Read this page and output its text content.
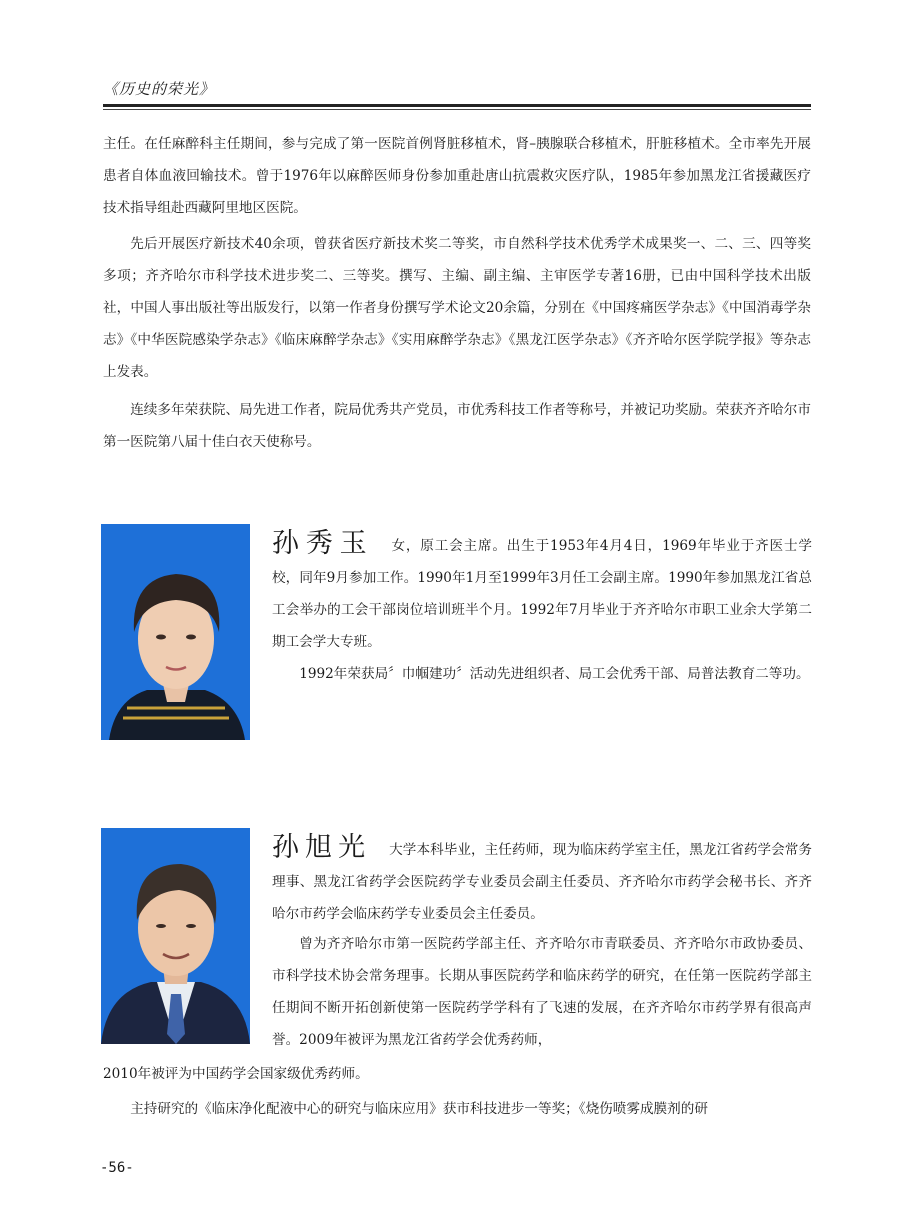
《历史的荣光》
主任。在任麻醉科主任期间，参与完成了第一医院首例肾脏移植术，肾–胰腺联合移植术，肝脏移植术。全市率先开展患者自体血液回输技术。曾于1976年以麻醉医师身份参加重赴唐山抗震救灾医疗队，1985年参加黑龙江省援藏医疗技术指导组赴西藏阿里地区医院。
先后开展医疗新技术40余项，曾获省医疗新技术奖二等奖，市自然科学技术优秀学术成果奖一、二、三、四等奖多项；齐齐哈尔市科学技术进步奖二、三等奖。撰写、主编、副主编、主审医学专著16册，已由中国科学技术出版社，中国人事出版社等出版发行，以第一作者身份撰写学术论文20余篇，分别在《中国疼痛医学杂志》《中国消毒学杂志》《中华医院感染学杂志》《临床麻醉学杂志》《实用麻醉学杂志》《黑龙江医学杂志》《齐齐哈尔医学院学报》等杂志上发表。
连续多年荣获院、局先进工作者，院局优秀共产党员，市优秀科技工作者等称号，并被记功奖励。荣获齐齐哈尔市第一医院第八届十佳白衣天使称号。
孙秀玉 女，原工会主席。出生于1953年4月4日，1969年毕业于齐医士学校，同年9月参加工作。1990年1月至1999年3月任工会副主席。1990年参加黑龙江省总工会举办的工会干部岗位培训班半个月。1992年7月毕业于齐齐哈尔市职工业余大学第二期工会学大专班。
1992年荣获局〞巾帼建功〞活动先进组织者、局工会优秀干部、局普法教育二等功。
孙旭光 大学本科毕业，主任药师，现为临床药学室主任，黑龙江省药学会常务理事、黑龙江省药学会医院药学专业委员会副主任委员、齐齐哈尔市药学会秘书长、齐齐哈尔市药学会临床药学专业委员会主任委员。
曾为齐齐哈尔市第一医院药学部主任、齐齐哈尔市青联委员、齐齐哈尔市政协委员、市科学技术协会常务理事。长期从事医院药学和临床药学的研究，在任第一医院药学部主任期间不断开拓创新使第一医院药学学科有了飞速的发展，在齐齐哈尔市药学界有很高声誉。2009年被评为黑龙江省药学会优秀药师，
2010年被评为中国药学会国家级优秀药师。
主持研究的《临床净化配液中心的研究与临床应用》获市科技进步一等奖；《烧伤喷雾成膜剂的研
-56-
